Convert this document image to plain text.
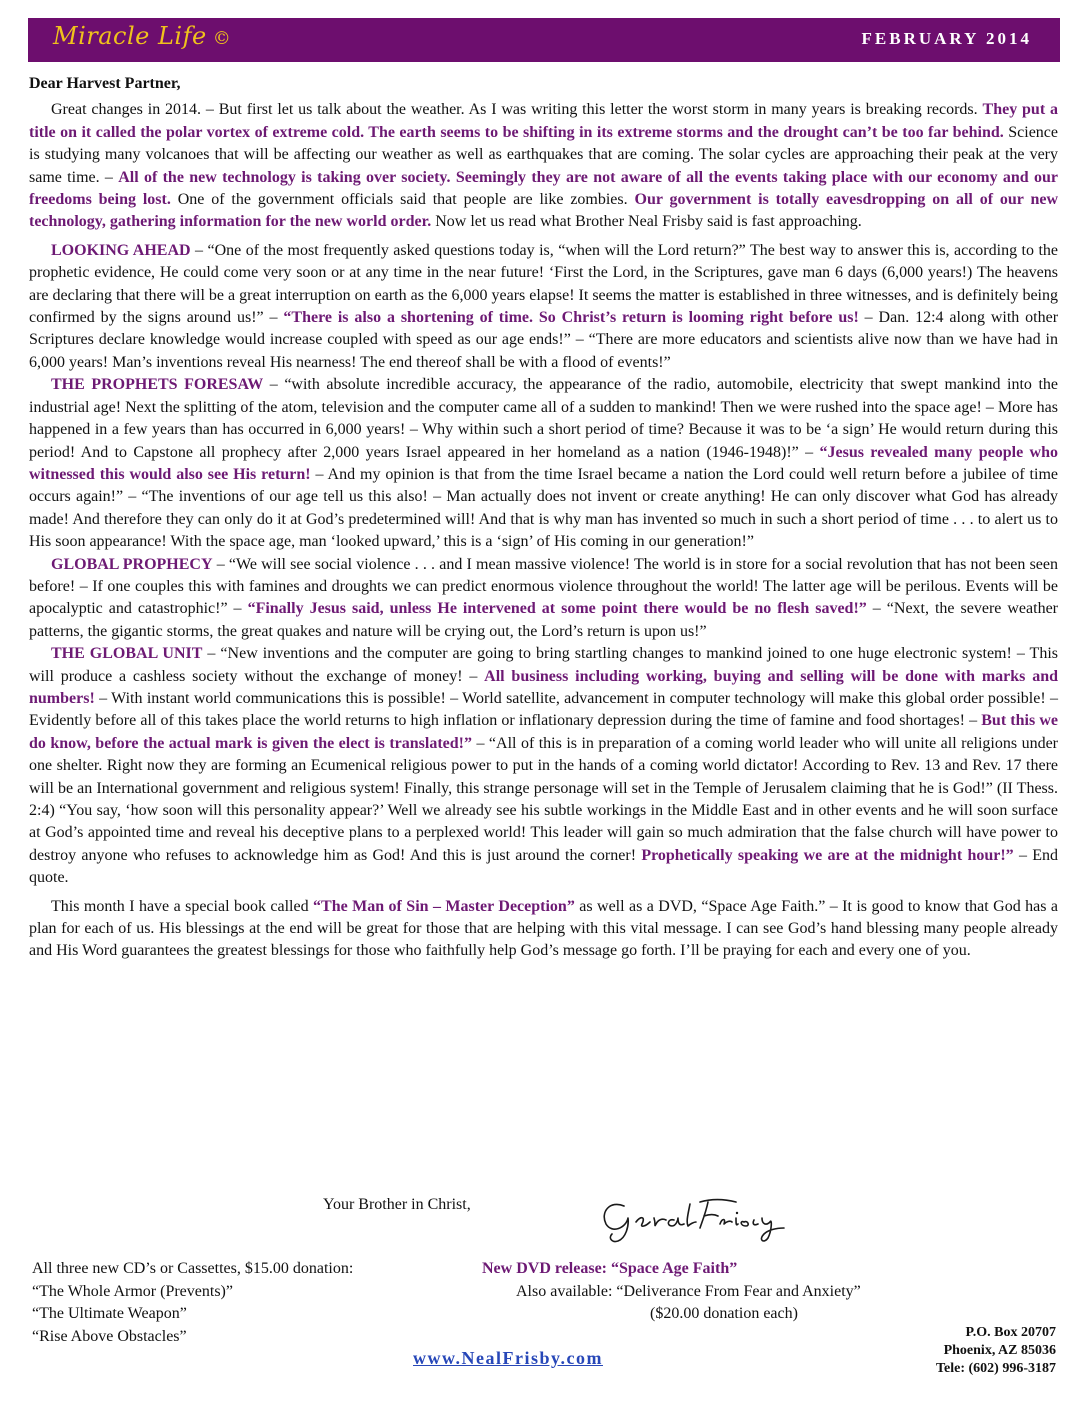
Miracle Life ©	FEBRUARY 2014

Dear Harvest Partner,

Great changes in 2014. – But first let us talk about the weather. As I was writing this letter the worst storm in many years is breaking records. They put a title on it called the polar vortex of extreme cold. The earth seems to be shifting in its extreme storms and the drought can’t be too far behind. Science is studying many volcanoes that will be affecting our weather as well as earthquakes that are coming. The solar cycles are approaching their peak at the very same time. – All of the new technology is taking over society. Seemingly they are not aware of all the events taking place with our economy and our freedoms being lost. One of the government officials said that people are like zombies. Our government is totally eavesdropping on all of our new technology, gathering information for the new world order. Now let us read what Brother Neal Frisby said is fast approaching.

LOOKING AHEAD – “One of the most frequently asked questions today is, “when will the Lord return?” The best way to answer this is, according to the prophetic evidence, He could come very soon or at any time in the near future! ‘First the Lord, in the Scriptures, gave man 6 days (6,000 years!) The heavens are declaring that there will be a great interruption on earth as the 6,000 years elapse! It seems the matter is established in three witnesses, and is definitely being confirmed by the signs around us!” – “There is also a shortening of time. So Christ’s return is looming right before us! – Dan. 12:4 along with other Scriptures declare knowledge would increase coupled with speed as our age ends!” – “There are more educators and scientists alive now than we have had in 6,000 years! Man’s inventions reveal His nearness! The end thereof shall be with a flood of events!”

THE PROPHETS FORESAW – “with absolute incredible accuracy, the appearance of the radio, automobile, electricity that swept mankind into the industrial age! Next the splitting of the atom, television and the computer came all of a sudden to mankind! Then we were rushed into the space age! – More has happened in a few years than has occurred in 6,000 years! – Why within such a short period of time? Because it was to be ‘a sign’ He would return during this period! And to Capstone all prophecy after 2,000 years Israel appeared in her homeland as a nation (1946-1948)!” – “Jesus revealed many people who witnessed this would also see His return! – And my opinion is that from the time Israel became a nation the Lord could well return before a jubilee of time occurs again!” – “The inventions of our age tell us this also! – Man actually does not invent or create anything! He can only discover what God has already made! And therefore they can only do it at God’s predetermined will! And that is why man has invented so much in such a short period of time . . . to alert us to His soon appearance! With the space age, man ‘looked upward,’ this is a ‘sign’ of His coming in our generation!”

GLOBAL PROPHECY – “We will see social violence . . . and I mean massive violence! The world is in store for a social revolution that has not been seen before! – If one couples this with famines and droughts we can predict enormous violence throughout the world! The latter age will be perilous. Events will be apocalyptic and catastrophic!” – “Finally Jesus said, unless He intervened at some point there would be no flesh saved!” – “Next, the severe weather patterns, the gigantic storms, the great quakes and nature will be crying out, the Lord’s return is upon us!”

THE GLOBAL UNIT – “New inventions and the computer are going to bring startling changes to mankind joined to one huge electronic system! – This will produce a cashless society without the exchange of money! – All business including working, buying and selling will be done with marks and numbers! – With instant world communications this is possible! – World satellite, advancement in computer technology will make this global order possible! – Evidently before all of this takes place the world returns to high inflation or inflationary depression during the time of famine and food shortages! – But this we do know, before the actual mark is given the elect is translated!” – “All of this is in preparation of a coming world leader who will unite all religions under one shelter. Right now they are forming an Ecumenical religious power to put in the hands of a coming world dictator! According to Rev. 13 and Rev. 17 there will be an International government and religious system! Finally, this strange personage will set in the Temple of Jerusalem claiming that he is God!” (II Thess. 2:4) “You say, ‘how soon will this personality appear?’ Well we already see his subtle workings in the Middle East and in other events and he will soon surface at God’s appointed time and reveal his deceptive plans to a perplexed world! This leader will gain so much admiration that the false church will have power to destroy anyone who refuses to acknowledge him as God! And this is just around the corner! Prophetically speaking we are at the midnight hour!” – End quote.

This month I have a special book called “The Man of Sin – Master Deception” as well as a DVD, “Space Age Faith.” – It is good to know that God has a plan for each of us. His blessings at the end will be great for those that are helping with this vital message. I can see God’s hand blessing many people already and His Word guarantees the greatest blessings for those who faithfully help God’s message go forth. I’ll be praying for each and every one of you.

Your Brother in Christ,
All three new CD’s or Cassettes, $15.00 donation:
“The Whole Armor (Prevents)”
“The Ultimate Weapon”
“Rise Above Obstacles”
New DVD release: “Space Age Faith”
Also available: “Deliverance From Fear and Anxiety”
($20.00 donation each)
www.NealFrisby.com
P.O. Box 20707
Phoenix, AZ 85036
Tele: (602) 996-3187
